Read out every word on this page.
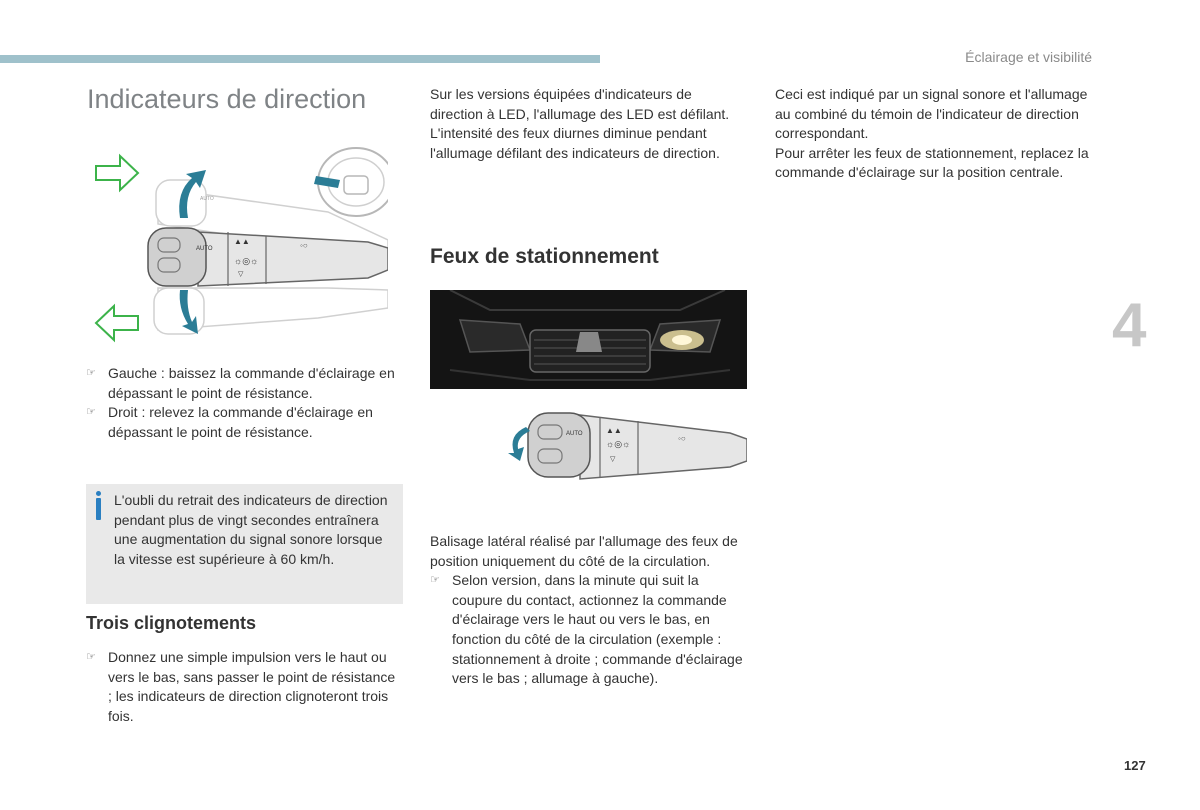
Éclairage et visibilité
4
127
Indicateurs de direction
AUTO
▲▲
☼◎☼
▽
◦○
AUTO
☞ Gauche : baissez la commande d'éclairage en dépassant le point de résistance.
☞ Droit : relevez la commande d'éclairage en dépassant le point de résistance.
L'oubli du retrait des indicateurs de direction pendant plus de vingt secondes entraînera une augmentation du signal sonore lorsque la vitesse est supérieure à 60 km/h.
Trois clignotements
☞ Donnez une simple impulsion vers le haut ou vers le bas, sans passer le point de résistance ; les indicateurs de direction clignoteront trois fois.

Sur les versions équipées d'indicateurs de direction à LED, l'allumage des LED est défilant.

L'intensité des feux diurnes diminue pendant l'allumage défilant des indicateurs de direction.

Feux de stationnement
AUTO	▲▲
☼◎☼
▽
◦○

Balisage latéral réalisé par l'allumage des feux de position uniquement du côté de la circulation.

☞ Selon version, dans la minute qui suit la coupure du contact, actionnez la commande d'éclairage vers le haut ou vers le bas, en fonction du côté de la circulation (exemple : stationnement à droite ; commande d'éclairage vers le bas ; allumage à gauche).

Ceci est indiqué par un signal sonore et l'allumage au combiné du témoin de l'indicateur de direction correspondant.

Pour arrêter les feux de stationnement, replacez la commande d'éclairage sur la position centrale.
